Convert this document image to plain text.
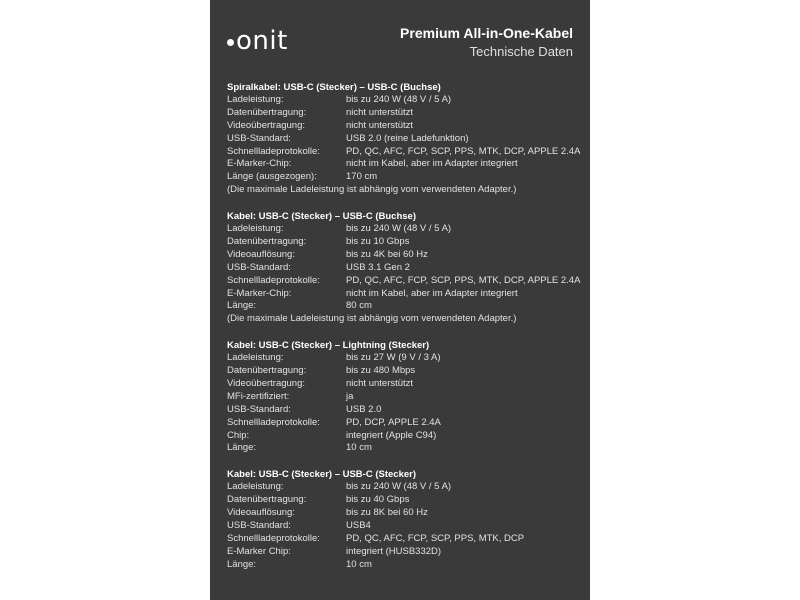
onit	Premium All-in-One-Kabel
Technische Daten
Spiralkabel: USB-C (Stecker) – USB-C (Buchse)
Ladeleistung:	bis zu 240 W (48 V / 5 A)
Datenübertragung:	nicht unterstützt
Videoübertragung:	nicht unterstützt
USB-Standard:	USB 2.0 (reine Ladefunktion)
Schnellladeprotokolle:	PD, QC, AFC, FCP, SCP, PPS, MTK, DCP, APPLE 2.4A
E-Marker-Chip:	nicht im Kabel, aber im Adapter integriert
Länge (ausgezogen):	170 cm
(Die maximale Ladeleistung ist abhängig vom verwendeten Adapter.)
Kabel: USB-C (Stecker) – USB-C (Buchse)
Ladeleistung:	bis zu 240 W (48 V / 5 A)
Datenübertragung:	bis zu 10 Gbps
Videoauflösung:	bis zu 4K bei 60 Hz
USB-Standard:	USB 3.1 Gen 2
Schnellladeprotokolle:	PD, QC, AFC, FCP, SCP, PPS, MTK, DCP, APPLE 2.4A
E-Marker-Chip:	nicht im Kabel, aber im Adapter integriert
Länge:	80 cm
(Die maximale Ladeleistung ist abhängig vom verwendeten Adapter.)
Kabel: USB-C (Stecker) – Lightning (Stecker)
Ladeleistung:	bis zu 27 W (9 V / 3 A)
Datenübertragung:	bis zu 480 Mbps
Videoübertragung:	nicht unterstützt
MFi-zertifiziert:	ja
USB-Standard:	USB 2.0
Schnellladeprotokolle:	PD, DCP, APPLE 2.4A
Chip:	integriert (Apple C94)
Länge:	10 cm
Kabel: USB-C (Stecker) – USB-C (Stecker)
Ladeleistung:	bis zu 240 W (48 V / 5 A)
Datenübertragung:	bis zu 40 Gbps
Videoauflösung:	bis zu 8K bei 60 Hz
USB-Standard:	USB4
Schnellladeprotokolle:	PD, QC, AFC, FCP, SCP, PPS, MTK, DCP
E-Marker Chip:	integriert (HUSB332D)
Länge:	10 cm
